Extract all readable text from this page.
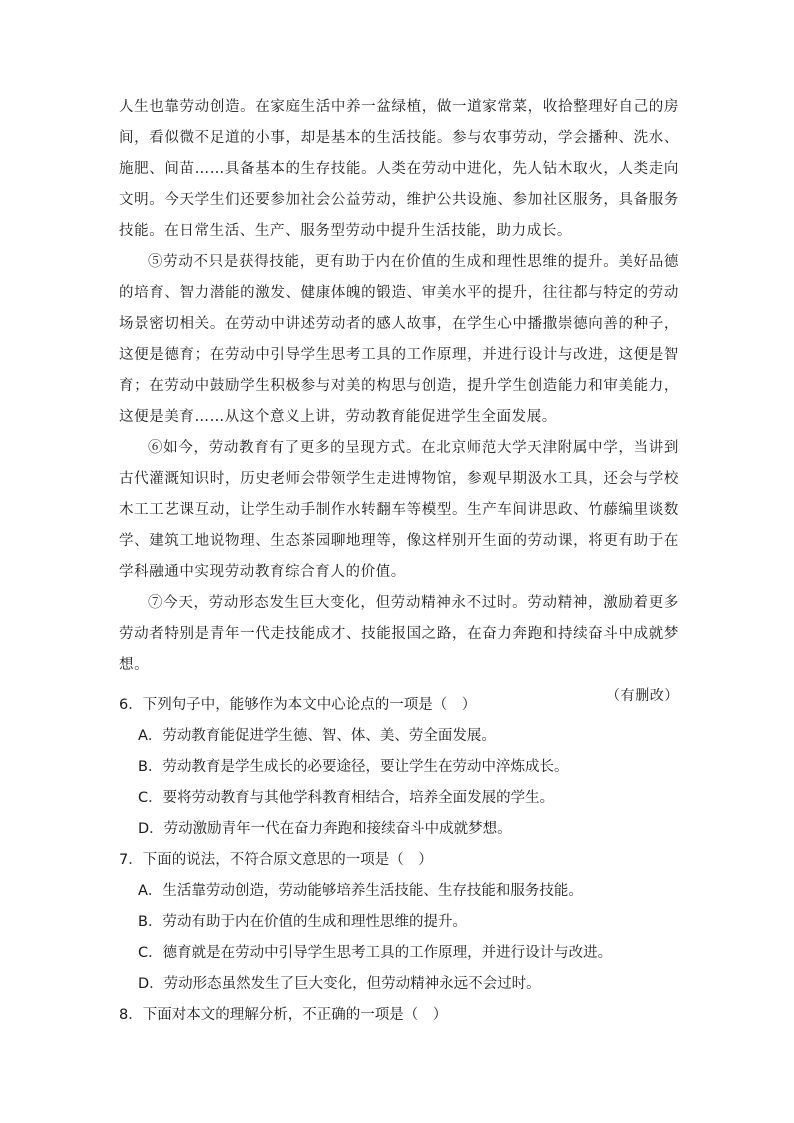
人生也靠劳动创造。在家庭生活中养一盆绿植，做一道家常菜，收拾整理好自己的房间，看似微不足道的小事，却是基本的生活技能。参与农事劳动，学会播种、洗水、施肥、间苗……具备基本的生存技能。人类在劳动中进化，先人钻木取火，人类走向文明。今天学生们还要参加社会公益劳动，维护公共设施、参加社区服务，具备服务技能。在日常生活、生产、服务型劳动中提升生活技能，助力成长。

⑤劳动不只是获得技能，更有助于内在价值的生成和理性思维的提升。美好品德的培育、智力潜能的激发、健康体魄的锻造、审美水平的提升，往往都与特定的劳动场景密切相关。在劳动中讲述劳动者的感人故事，在学生心中播撒崇德向善的种子，这便是德育；在劳动中引导学生思考工具的工作原理，并进行设计与改进，这便是智育；在劳动中鼓励学生积极参与对美的构思与创造，提升学生创造能力和审美能力，这便是美育……从这个意义上讲，劳动教育能促进学生全面发展。

⑥如今，劳动教育有了更多的呈现方式。在北京师范大学天津附属中学，当讲到古代灌溉知识时，历史老师会带领学生走进博物馆，参观早期汲水工具，还会与学校木工工艺课互动，让学生动手制作水转翻车等模型。生产车间讲思政、竹藤编里谈数学、建筑工地说物理、生态茶园聊地理等，像这样别开生面的劳动课，将更有助于在学科融通中实现劳动教育综合育人的价值。

⑦今天，劳动形态发生巨大变化，但劳动精神永不过时。劳动精神，激励着更多劳动者特别是青年一代走技能成才、技能报国之路，在奋力奔跑和持续奋斗中成就梦想。

（有删改）

6．下列句子中，能够作为本文中心论点的一项是（　）
A．劳动教育能促进学生德、智、体、美、劳全面发展。
B．劳动教育是学生成长的必要途径，要让学生在劳动中淬炼成长。
C．要将劳动教育与其他学科教育相结合，培养全面发展的学生。
D．劳动激励青年一代在奋力奔跑和接续奋斗中成就梦想。
7．下面的说法，不符合原文意思的一项是（　）
A．生活靠劳动创造，劳动能够培养生活技能、生存技能和服务技能。
B．劳动有助于内在价值的生成和理性思维的提升。
C．德育就是在劳动中引导学生思考工具的工作原理，并进行设计与改进。
D．劳动形态虽然发生了巨大变化，但劳动精神永远不会过时。
8．下面对本文的理解分析，不正确的一项是（　）
